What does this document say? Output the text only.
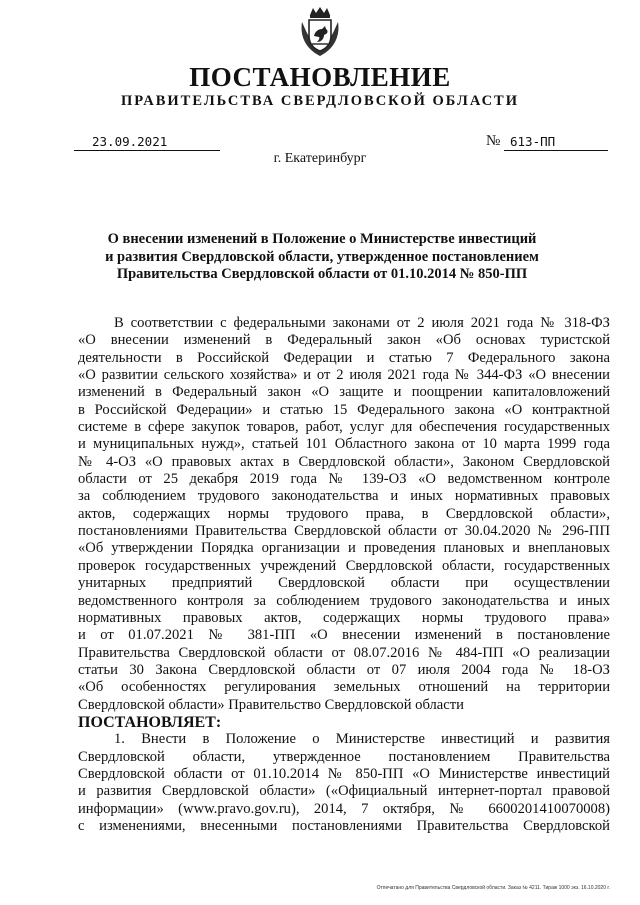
ПОСТАНОВЛЕНИЕ
ПРАВИТЕЛЬСТВА СВЕРДЛОВСКОЙ ОБЛАСТИ
23.09.2021	№ 613-ПП
г. Екатеринбург
О внесении изменений в Положение о Министерстве инвестиций
и развития Свердловской области, утвержденное постановлением
Правительства Свердловской области от 01.10.2014 № 850-ПП
В соответствии с федеральными законами от 2 июля 2021 года № 318-ФЗ
«О внесении изменений в Федеральный закон «Об основах туристской
деятельности в Российской Федерации и статью 7 Федерального закона
«О развитии сельского хозяйства» и от 2 июля 2021 года № 344-ФЗ «О внесении
изменений в Федеральный закон «О защите и поощрении капиталовложений
в Российской Федерации» и статью 15 Федерального закона «О контрактной
системе в сфере закупок товаров, работ, услуг для обеспечения государственных
и муниципальных нужд», статьей 101 Областного закона от 10 марта 1999 года
№ 4-ОЗ «О правовых актах в Свердловской области», Законом Свердловской
области от 25 декабря 2019 года № 139-ОЗ «О ведомственном контроле
за соблюдением трудового законодательства и иных нормативных правовых
актов, содержащих нормы трудового права, в Свердловской области»,
постановлениями Правительства Свердловской области от 30.04.2020 № 296-ПП
«Об утверждении Порядка организации и проведения плановых и внеплановых
проверок государственных учреждений Свердловской области, государственных
унитарных предприятий Свердловской области при осуществлении
ведомственного контроля за соблюдением трудового законодательства и иных
нормативных правовых актов, содержащих нормы трудового права»
и от 01.07.2021 № 381-ПП «О внесении изменений в постановление
Правительства Свердловской области от 08.07.2016 № 484-ПП «О реализации
статьи 30 Закона Свердловской области от 07 июля 2004 года № 18-ОЗ
«Об особенностях регулирования земельных отношений на территории
Свердловской области» Правительство Свердловской области
ПОСТАНОВЛЯЕТ:
1. Внести в Положение о Министерстве инвестиций и развития
Свердловской области, утвержденное постановлением Правительства
Свердловской области от 01.10.2014 № 850-ПП «О Министерстве инвестиций
и развития Свердловской области» («Официальный интернет-портал правовой
информации» (www.pravo.gov.ru), 2014, 7 октября, № 6600201410070008)
с изменениями, внесенными постановлениями Правительства Свердловской
Отпечатано для Правительства Свердловской области. Заказ № 4211. Тираж 1000 экз. 16.10.2020 г.
